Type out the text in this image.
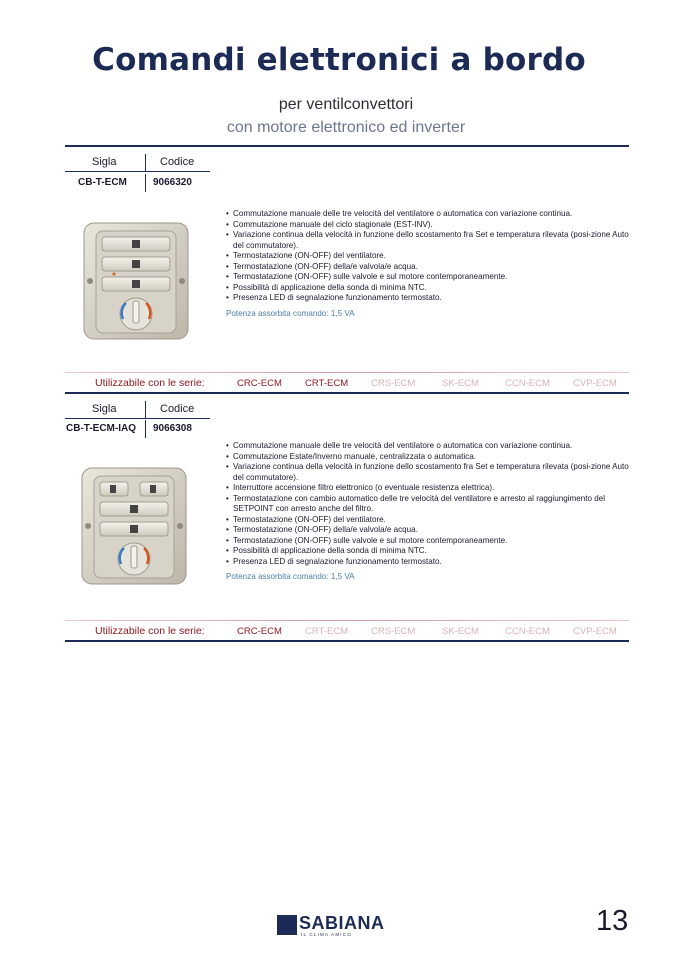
Comandi elettronici a bordo
per ventilconvettori
con motore elettronico ed inverter
Sigla	Codice
CB-T-ECM	9066320
• Commutazione manuale delle tre velocità del ventilatore o automatica con variazione continua.
• Commutazione manuale del ciclo stagionale (EST-INV).
• Variazione continua della velocità in funzione dello scostamento fra Set e temperatura rilevata (posi-zione Auto del commutatore).
• Termostatazione (ON-OFF) del ventilatore.
• Termostatazione (ON-OFF) della/e valvola/e acqua.
• Termostatazione (ON-OFF) sulle valvole e sul motore contemporaneamente.
• Possibilità di applicazione della sonda di minima NTC.
• Presenza LED di segnalazione funzionamento termostato.
Potenza assorbita comando: 1,5 VA
Utilizzabile con le serie:	CRC-ECM CRT-ECM CRS-ECM	SK-ECM	CCN-ECM CVP-ECM
Sigla	Codice
CB-T-ECM-IAQ 9066308
• Commutazione manuale delle tre velocità del ventilatore o automatica con variazione continua.
• Commutazione Estate/Inverno manuale, centralizzata o automatica.
• Variazione continua della velocità in funzione dello scostamento fra Set e temperatura rilevata (posi-zione Auto del commutatore).
• Interruttore accensione filtro elettronico (o eventuale resistenza elettrica).
• Termostatazione con cambio automatico delle tre velocità del ventilatore e arresto al raggiungimento del SETPOINT con arresto anche del filtro.
• Termostatazione (ON-OFF) del ventilatore.
• Termostatazione (ON-OFF) della/e valvola/e acqua.
• Termostatazione (ON-OFF) sulle valvole e sul motore contemporaneamente.
• Possibilità di applicazione della sonda di minima NTC.
• Presenza LED di segnalazione funzionamento termostato.
Potenza assorbita comando: 1,5 VA
Utilizzabile con le serie:	CRC-ECM CRT-ECM CRS-ECM	SK-ECM	CCN-ECM CVP-ECM
SABIANA
IL CLIMA AMICO	13
